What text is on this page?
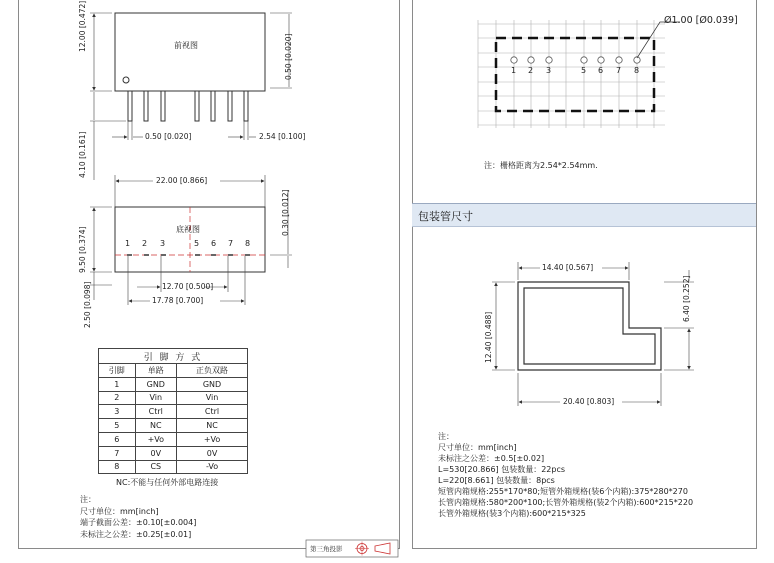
前视图

12.00 [0.472]

0.50 [0.020]

4.10 [0.161]	0.50 [0.020]	2.54 [0.100]

22.00 [0.866]

底视图

9.50 [0.374]

0.30 [0.012]

2.50 [0.098]	12.70 [0.500]

17.78 [0.700]

1 2 3	5 6 7 8

引 脚 方 式		
引脚	单路	正负双路
1	GND	GND
2	Vin	Vin
3	Ctrl	Ctrl
5	NC	NC
6	+Vo	+Vo
7	0V	0V
8	CS	-Vo

NC:不能与任何外部电路连接

注：

尺寸单位：mm[inch]

端子截面公差：±0.10[±0.004]

未标注之公差：±0.25[±0.01]

第三角投影

Ø1.00 [Ø0.039]

1 2 3	5 6 7 8

注：栅格距离为2.54*2.54mm.

包装管尺寸

14.40 [0.567]

6.40 [0.252]

12.40 [0.488]

20.40 [0.803]

注：

尺寸单位：mm[inch]

未标注之公差：±0.5[±0.02]

L=530[20.866] 包装数量：22pcs

L=220[8.661] 包装数量：8pcs

短管内箱规格:255*170*80;短管外箱规格(装6个内箱):375*280*270

长管内箱规格:580*200*100;长管外箱规格(装2个内箱):600*215*220

长管外箱规格(装3个内箱):600*215*325
